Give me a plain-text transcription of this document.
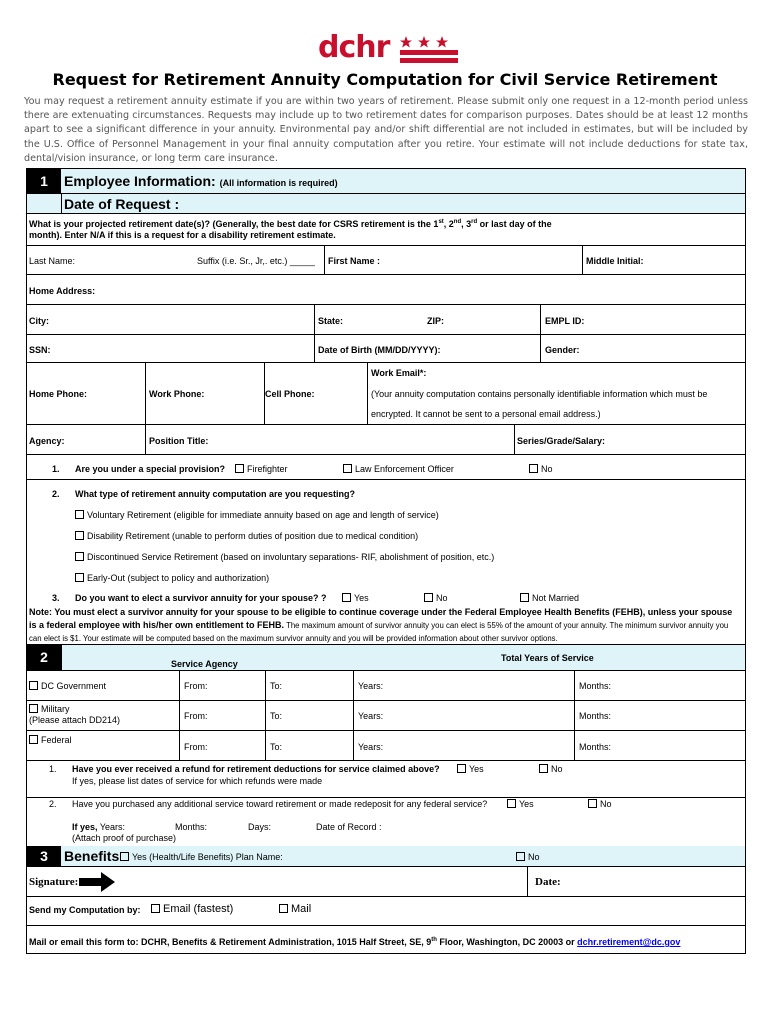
dchr
Request for Retirement Annuity Computation for Civil Service Retirement
You may request a retirement annuity estimate if you are within two years of retirement. Please submit only one request in a 12-month period unless there are extenuating circumstances. Requests may include up to two retirement dates for comparison purposes. Dates should be at least 12 months apart to see a significant difference in your annuity. Environmental pay and/or shift differential are not included in estimates, but will be included by the U.S. Office of Personnel Management in your final annuity computation after you retire. Your estimate will not include deductions for state tax, dental/vision insurance, or long term care insurance.
1	Employee Information: (All information is required)
Date of Request :
What is your projected retirement date(s)? (Generally, the best date for CSRS retirement is the 1st, 2nd, 3rd or last day of the
month). Enter N/A if this is a request for a disability retirement estimate.
Last Name:	Suffix (i.e. Sr., Jr,. etc.) _____ First Name :	Middle Initial:
Home Address:
City:	State:	ZIP:	EMPL ID:
SSN:	Date of Birth (MM/DD/YYYY):	Gender:
Home Phone:	Work Phone:	Cell Phone:
Work Email*:
(Your annuity computation contains personally identifiable information which must be
encrypted. It cannot be sent to a personal email address.)
Agency:	Position Title:	Series/Grade/Salary:
1. Are you under a special provision?	Firefighter	Law Enforcement Officer	No
2. What type of retirement annuity computation are you requesting?
Voluntary Retirement (eligible for immediate annuity based on age and length of service)
Disability Retirement (unable to perform duties of position due to medical condition)
Discontinued Service Retirement (based on involuntary separations- RIF, abolishment of position, etc.)
Early-Out (subject to policy and authorization)
3. Do you want to elect a survivor annuity for your spouse? ?	Yes	No	Not Married
Note: You must elect a survivor annuity for your spouse to be eligible to continue coverage under the Federal Employee Health Benefits (FEHB), unless your spouse is a federal employee with his/her own entitlement to FEHB. The maximum amount of survivor annuity you can elect is 55% of the amount of your annuity. The minimum survivor annuity you can elect is $1. Your estimate will be computed based on the maximum survivor annuity and you will be provided information about other survivor options.
2	Service Agency
Total Years of Service
DC Government	From:	To:	Years:	Months:
Military
(Please attach DD214)	From:	To:	Years:	Months:
Federal
From:	To:	Years:	Months:
1. Have you ever received a refund for retirement deductions for service claimed above?	Yes	No
If yes, please list dates of service for which refunds were made
2. Have you purchased any additional service toward retirement or made redeposit for any federal service?	Yes	No
If yes, Years:	Months:	Days:	Date of Record :
(Attach proof of purchase)
3	Benefits	Yes (Health/Life Benefits) Plan Name:	No
Signature:	Date:
Send my Computation by:	Email (fastest)	Mail
Mail or email this form to: DCHR, Benefits & Retirement Administration, 1015 Half Street, SE, 9th Floor, Washington, DC 20003 or dchr.retirement@dc.gov
